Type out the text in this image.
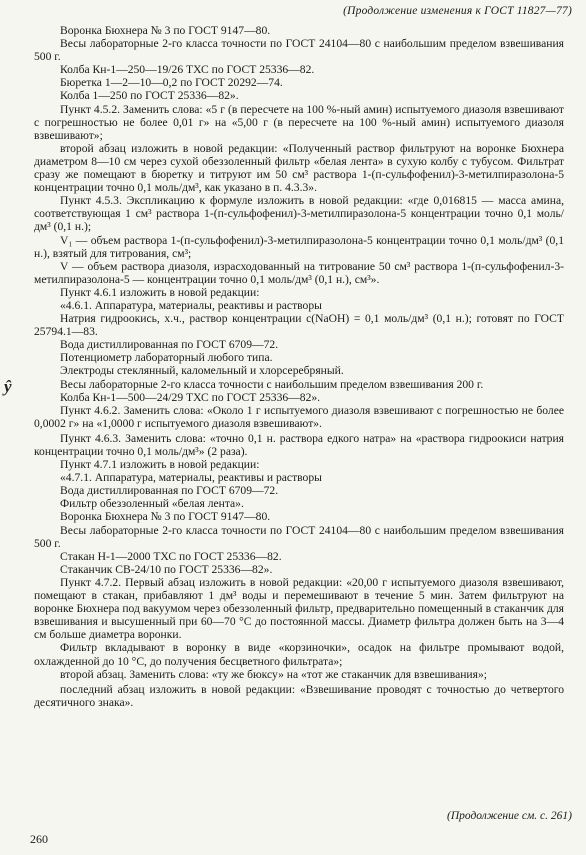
(Продолжение изменения к ГОСТ 11827—77)

Воронка Бюхнера № 3 по ГОСТ 9147—80.

Весы лабораторные 2-го класса точности по ГОСТ 24104—80 с наибольшим пределом взвешивания 500 г.

Колба Кн-1—250—19/26 ТХС по ГОСТ 25336—82.

Бюретка 1—2—10—0,2 по ГОСТ 20292—74.

Колба 1—250 по ГОСТ 25336—82».

Пункт 4.5.2. Заменить слова: «5 г (в пересчете на 100 %-ный амин) испытуемого диазоля взвешивают с погрешностью не более 0,01 г» на «5,00 г (в пересчете на 100 %-ный амин) испытуемого диазоля взвешивают»;

второй абзац изложить в новой редакции: «Полученный раствор фильтруют на воронке Бюхнера диаметром 8—10 см через сухой обеззоленный фильтр «белая лента» в сухую колбу с тубусом. Фильтрат сразу же помещают в бюретку и титруют им 50 см³ раствора 1-(п-сульфофенил)-3-метилпиразолона-5 концентрации точно 0,1 моль/дм³, как указано в п. 4.3.3».

Пункт 4.5.3. Экспликацию к формуле изложить в новой редакции: «где 0,016815 — масса амина, соответствующая 1 см³ раствора 1-(п-сульфофенил)-3-метилпиразолона-5 концентрации точно 0,1 моль/дм³ (0,1 н.);

V₁ — объем раствора 1-(п-сульфофенил)-3-метилпиразолона-5 концентрации точно 0,1 моль/дм³ (0,1 н.), взятый для титрования, см³;

V — объем раствора диазоля, израсходованный на титрование 50 см³ раствора 1-(п-сульфофенил-3-метилпиразолона-5 — концентрации точно 0,1 моль/дм³ (0,1 н.), см³».

Пункт 4.6.1 изложить в новой редакции:

«4.6.1. Аппаратура, материалы, реактивы и растворы

Натрия гидроокись, х.ч., раствор концентрации c(NaOH) = 0,1 моль/дм³ (0,1 н.); готовят по ГОСТ 25794.1—83.

Вода дистиллированная по ГОСТ 6709—72.

Потенциометр лабораторный любого типа.

Электроды стеклянный, каломельный и хлорсеребряный.

Весы лабораторные 2-го класса точности с наибольшим пределом взвешивания 200 г.

Колба Кн-1—500—24/29 ТХС по ГОСТ 25336—82».

Пункт 4.6.2. Заменить слова: «Около 1 г испытуемого диазоля взвешивают с погрешностью не более 0,0002 г» на «1,0000 г испытуемого диазоля взвешивают».

Пункт 4.6.3. Заменить слова: «точно 0,1 н. раствора едкого натра» на «раствора гидроокиси натрия концентрации точно 0,1 моль/дм³» (2 раза).

Пункт 4.7.1 изложить в новой редакции:

«4.7.1. Аппаратура, материалы, реактивы и растворы

Вода дистиллированная по ГОСТ 6709—72.

Фильтр обеззоленный «белая лента».

Воронка Бюхнера № 3 по ГОСТ 9147—80.

Весы лабораторные 2-го класса точности по ГОСТ 24104—80 с наибольшим пределом взвешивания 500 г.

Стакан Н-1—2000 ТХС по ГОСТ 25336—82.

Стаканчик СВ-24/10 по ГОСТ 25336—82».

Пункт 4.7.2. Первый абзац изложить в новой редакции: «20,00 г испытуемого диазоля взвешивают, помещают в стакан, прибавляют 1 дм³ воды и перемешивают в течение 5 мин. Затем фильтруют на воронке Бюхнера под вакуумом через обеззоленный фильтр, предварительно помещенный в стаканчик для взвешивания и высушенный при 60—70 °С до постоянной массы. Диаметр фильтра должен быть на 3—4 см больше диаметра воронки.

Фильтр вкладывают в воронку в виде «корзиночки», осадок на фильтре промывают водой, охлажденной до 10 °С, до получения бесцветного фильтрата»;

второй абзац. Заменить слова: «ту же бюксу» на «тот же стаканчик для взвешивания»;

последний абзац изложить в новой редакции: «Взвешивание проводят с точностью до четвертого десятичного знака».

ŷ
(Продолжение см. с. 261)
260
